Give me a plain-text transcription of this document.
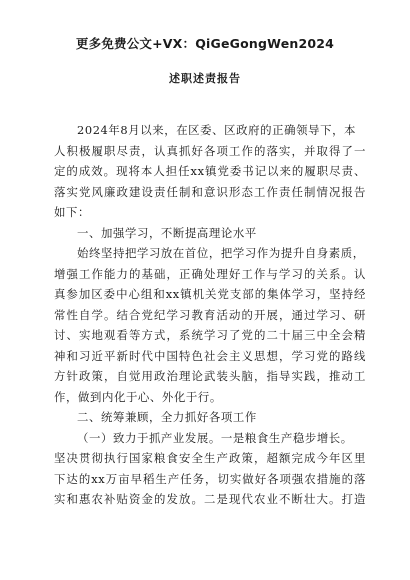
更多免费公文+VX：QiGeGongWen2024
述职述责报告
2024年8月以来，在区委、区政府的正确领导下，本
人积极履职尽责，认真抓好各项工作的落实，并取得了一
定的成效。现将本人担任xx镇党委书记以来的履职尽责、
落实党风廉政建设责任制和意识形态工作责任制情况报告
如下：
一、加强学习，不断提高理论水平
始终坚持把学习放在首位，把学习作为提升自身素质，
增强工作能力的基础，正确处理好工作与学习的关系。认
真参加区委中心组和xx镇机关党支部的集体学习，坚持经
常性自学。结合党纪学习教育活动的开展，通过学习、研
讨、实地观看等方式，系统学习了党的二十届三中全会精
神和习近平新时代中国特色社会主义思想，学习党的路线
方针政策，自觉用政治理论武装头脑，指导实践，推动工
作，做到内化于心、外化于行。
二、统筹兼顾，全力抓好各项工作
（一）致力于抓产业发展。一是粮食生产稳步增长。
坚决贯彻执行国家粮食安全生产政策，超额完成今年区里
下达的xx万亩早稻生产任务，切实做好各项强农措施的落
实和惠农补贴资金的发放。二是现代农业不断壮大。打造
